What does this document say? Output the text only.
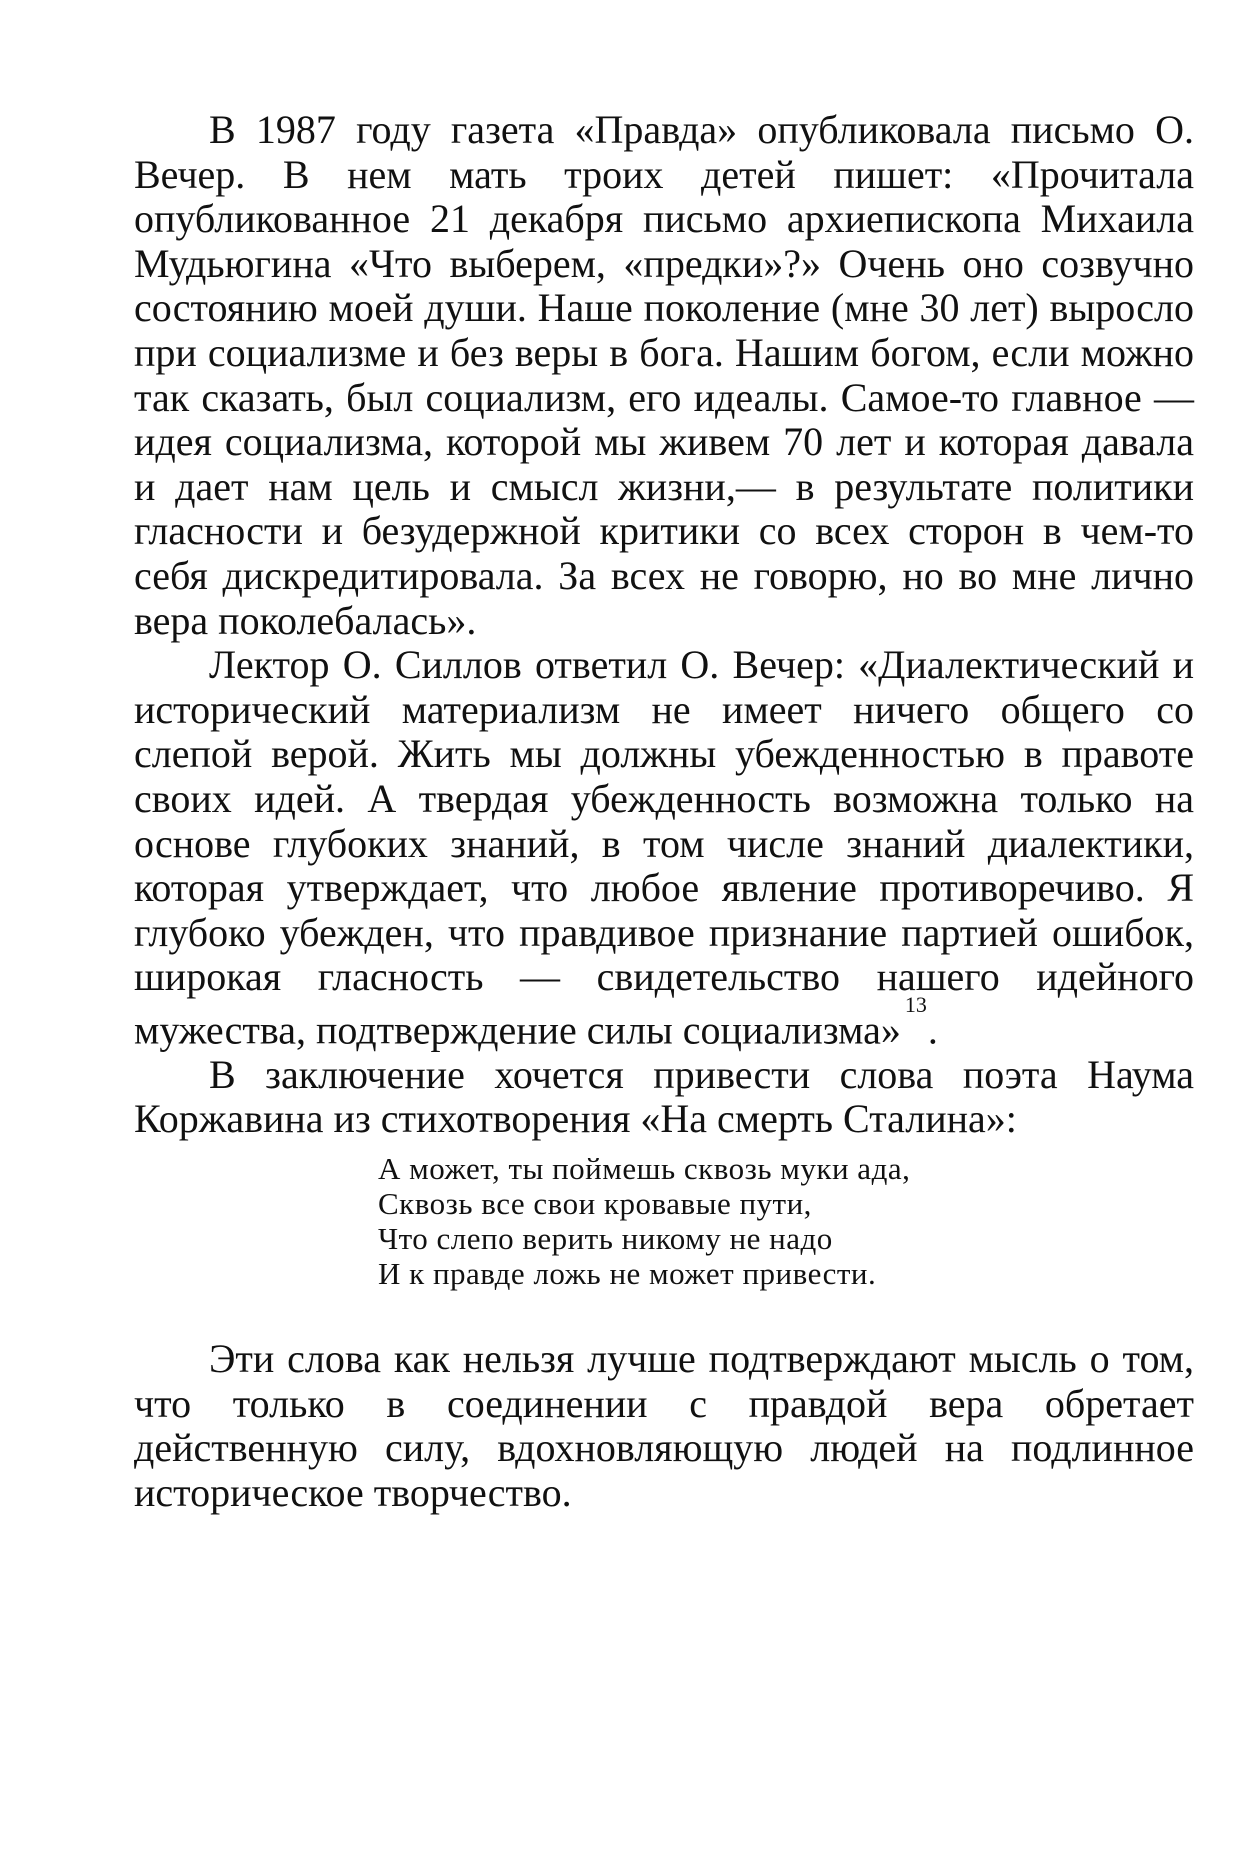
В 1987 году газета «Правда» опубликовала письмо О. Вечер. В нем мать троих детей пишет: «Прочитала опубликованное 21 декабря письмо архиепископа Михаила Мудьюгина «Что выберем, «предки»?» Очень оно созвучно состоянию моей души. Наше поколение (мне 30 лет) выросло при социализме и без веры в бога. Нашим богом, если можно так сказать, был социализм, его идеалы. Самое-то главное — идея социализма, которой мы живем 70 лет и которая давала и дает нам цель и смысл жизни,— в результате политики гласности и безудержной критики со всех сторон в чем-то себя дискредитировала. За всех не говорю, но во мне лично вера поколебалась».

Лектор О. Силлов ответил О. Вечер: «Диалектический и исторический материализм не имеет ничего общего со слепой верой. Жить мы должны убежденностью в правоте своих идей. А твердая убежденность возможна только на основе глубоких знаний, в том числе знаний диалектики, которая утверждает, что любое явление противоречиво. Я глубоко убежден, что правдивое признание партией ошибок, широкая гласность — свидетельство нашего идейного мужества, подтверждение силы социализма»$^{13}$.

В заключение хочется привести слова поэта Наума Коржавина из стихотворения «На смерть Сталина»:

А может, ты поймешь сквозь муки ада,
Сквозь все свои кровавые пути,
Что слепо верить никому не надо
И к правде ложь не может привести.

Эти слова как нельзя лучше подтверждают мысль о том, что только в соединении с правдой вера обретает действенную силу, вдохновляющую людей на подлинное историческое творчество.
